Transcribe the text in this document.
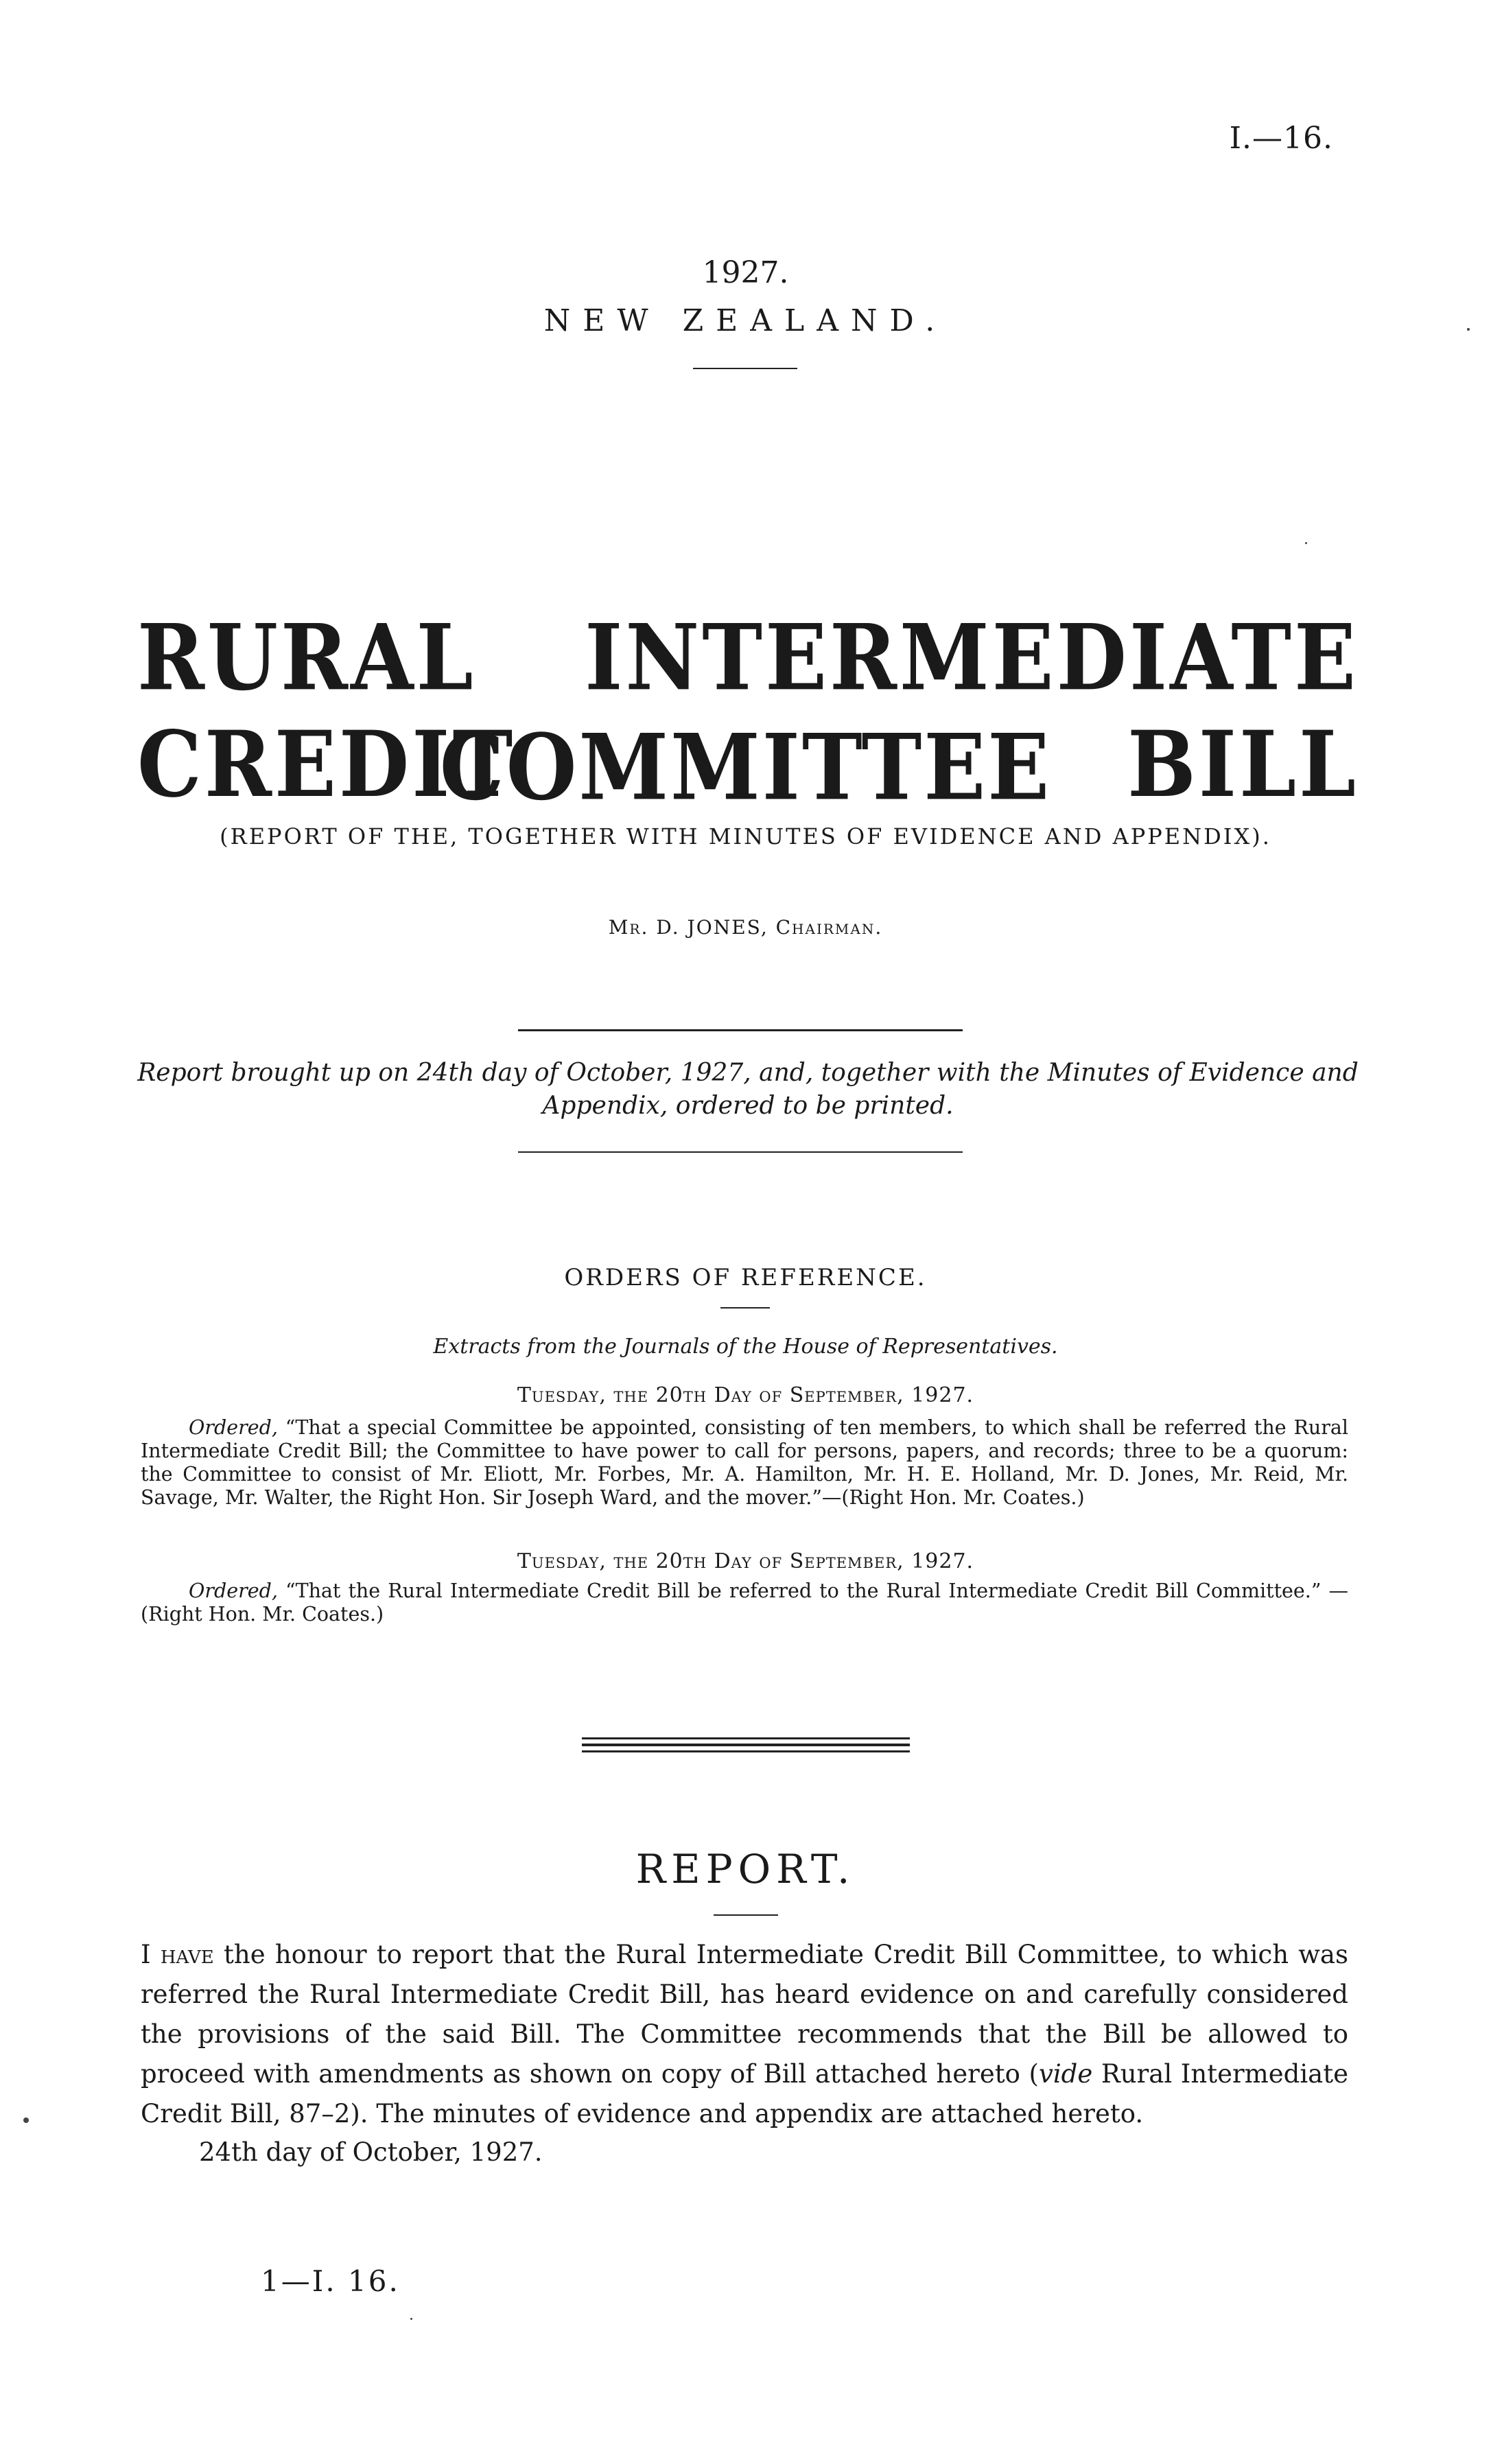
I.—16.
1927.
NEW ZEALAND.
RURAL INTERMEDIATE CREDIT	BILL
COMMITTEE
(REPORT OF THE, TOGETHER WITH MINUTES OF EVIDENCE AND APPENDIX).
Mr. D. JONES, Chairman.
Report brought up on 24th day of October, 1927, and, together with the Minutes of Evidence and Appendix, ordered to be printed.
ORDERS OF REFERENCE.
Extracts from the Journals of the House of Representatives.
Tuesday, the 20th Day of September, 1927.
Ordered, “That a special Committee be appointed, consisting of ten members, to which shall be referred the Rural Intermediate Credit Bill; the Committee to have power to call for persons, papers, and records; three to be a quorum: the Committee to consist of Mr. Eliott, Mr. Forbes, Mr. A. Hamilton, Mr. H. E. Holland, Mr. D. Jones, Mr. Reid, Mr. Savage, Mr. Walter, the Right Hon. Sir Joseph Ward, and the mover.”—(Right Hon. Mr. Coates.)
Tuesday, the 20th Day of September, 1927.
Ordered, “That the Rural Intermediate Credit Bill be referred to the Rural Intermediate Credit Bill Committee.” —(Right Hon. Mr. Coates.)
REPORT.
I have the honour to report that the Rural Intermediate Credit Bill Committee, to which was referred the Rural Intermediate Credit Bill, has heard evidence on and carefully considered the provisions of the said Bill. The Committee recommends that the Bill be allowed to proceed with amendments as shown on copy of Bill attached hereto (vide Rural Intermediate Credit Bill, 87–2). The minutes of evidence and appendix are attached hereto.
24th day of October, 1927.
1—I. 16.
